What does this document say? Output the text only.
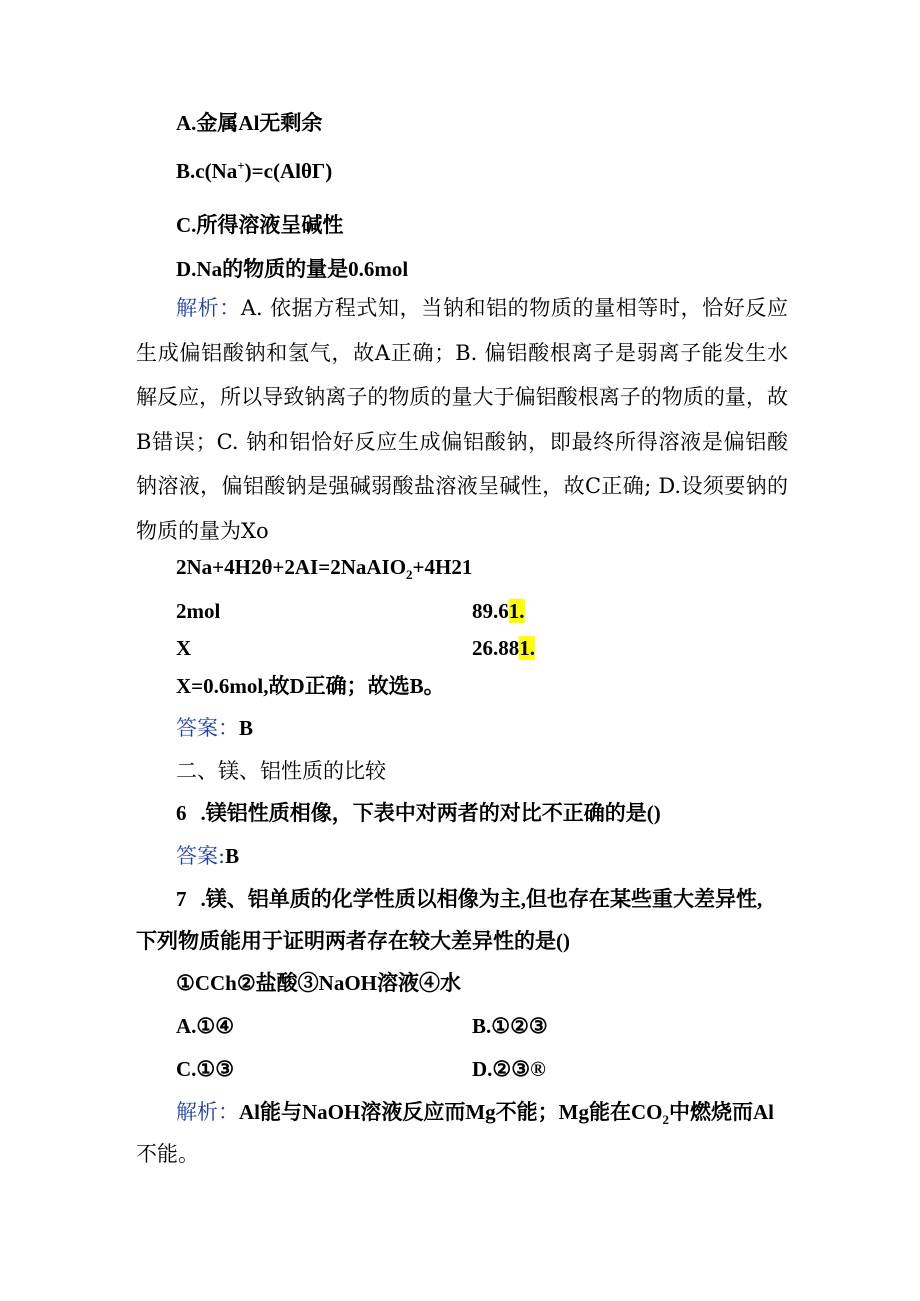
A.金属Al无剩余
B.c(Na+)=c(AlθΓ)
C.所得溶液呈碱性
D.Na的物质的量是0.6mol
解析：A. 依据方程式知，当钠和铝的物质的量相等时，恰好反应生成偏铝酸钠和氢气，故A正确；B. 偏铝酸根离子是弱离子能发生水解反应，所以导致钠离子的物质的量大于偏铝酸根离子的物质的量，故B错误；C. 钠和铝恰好反应生成偏铝酸钠，即最终所得溶液是偏铝酸钠溶液，偏铝酸钠是强碱弱酸盐溶液呈碱性，故C正确; D.设须要钠的物质的量为Xo
2Na+4H2θ+2AI=2NaAIO$_2$+4H21
2mol	89.61.
X	26.881.
X=0.6mol,故D正确；故选B。
答案：B
二、镁、铝性质的比较
6 .镁铝性质相像，下表中对两者的对比不正确的是()
答案:B
7 .镁、铝单质的化学性质以相像为主,但也存在某些重大差异性,
下列物质能用于证明两者存在较大差异性的是()
①CCh②盐酸③NaOH溶液④水
A.①④	B.①②③
C.①③	D.②③®
解析：Al能与NaOH溶液反应而Mg不能；Mg能在$CO_2$中燃烧而Al
不能。
